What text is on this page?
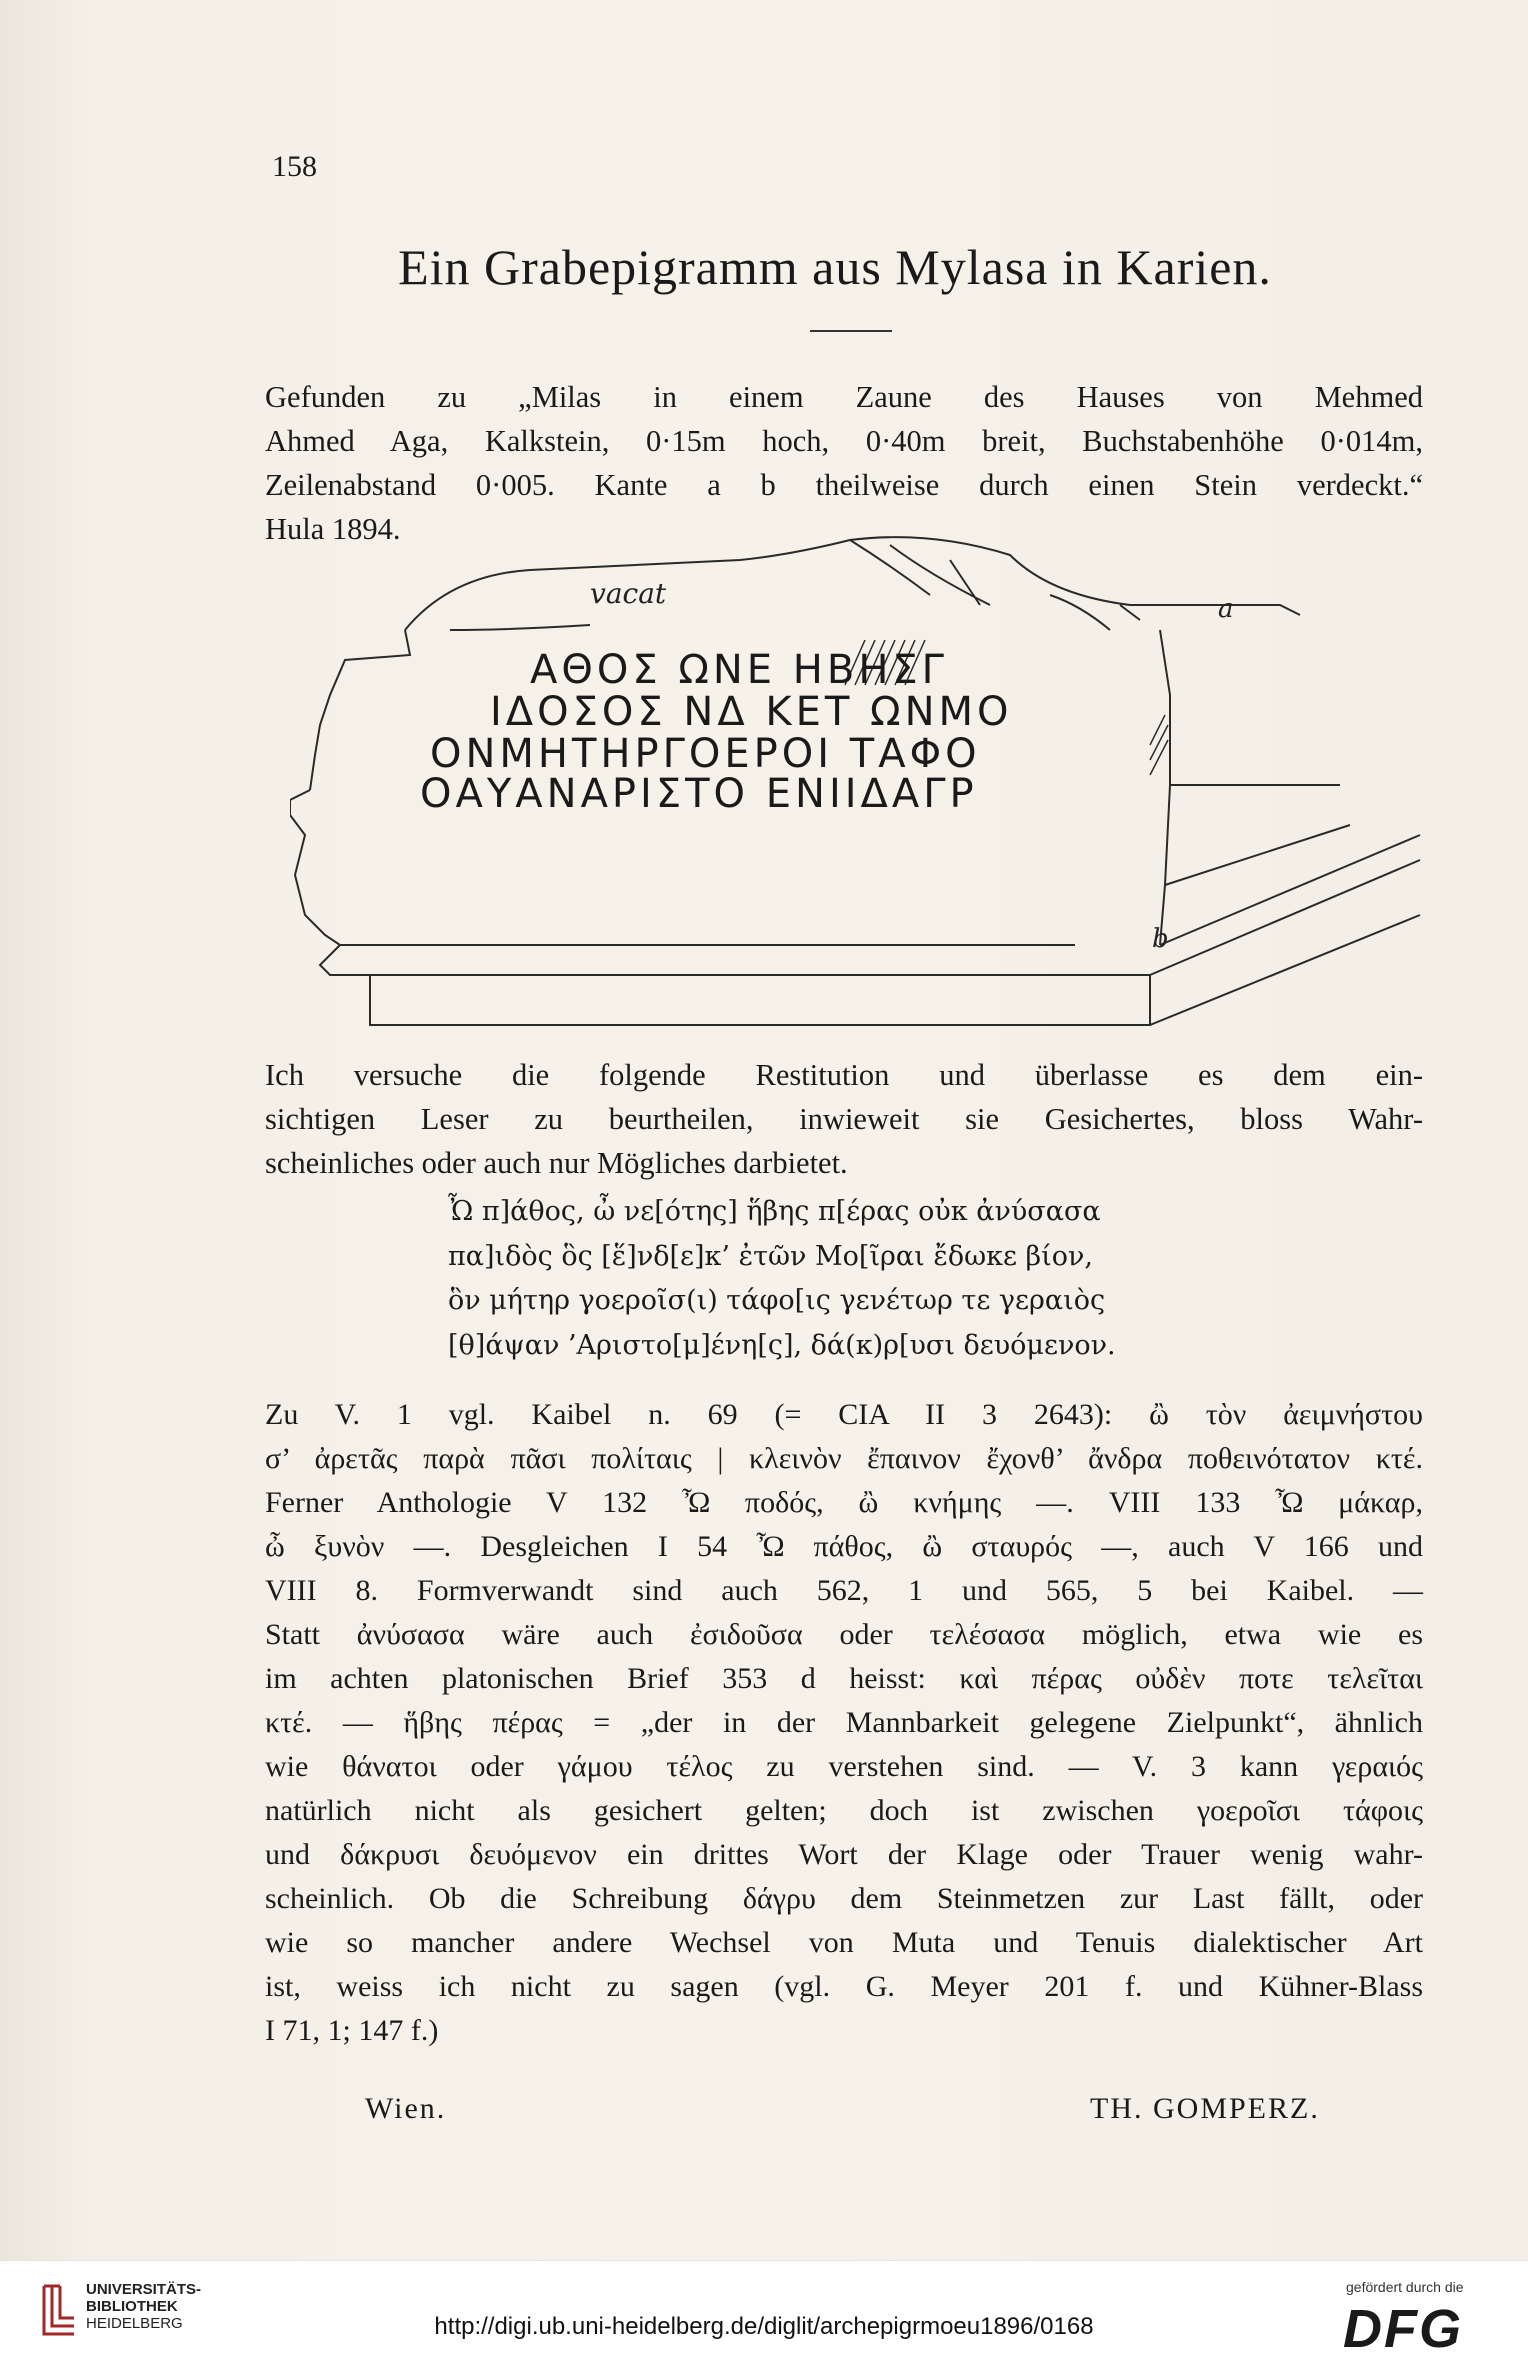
158
Ein Grabepigramm aus Mylasa in Karien.

Gefunden zu „Milas in einem Zaune des Hauses von Mehmed
Ahmed Aga, Kalkstein, 0·15m hoch, 0·40m breit, Buchstabenhöhe 0·014m,
Zeilenabstand 0·005. Kante a b theilweise durch einen Stein verdeckt.“
Hula 1894.

vacat	a
b
ΑΘΟΣ ΩΝΕ ΗΒΗΣΓ
ΙΔΟΣΟΣ ΝΔ ΚΕΤ ΩΝΜΟ
ΟΝΜΗΤΗΡΓΟΕΡΟΙ ΤΑΦΟ
ΟΑΥΑΝΑΡΙΣΤΟ ΕΝΙΙΔΑΓΡ

Ich versuche die folgende Restitution und überlasse es dem ein-
sichtigen Leser zu beurtheilen, inwieweit sie Gesichertes, bloss Wahr-
scheinliches oder auch nur Mögliches darbietet.

Ὦ π]άθος, ὦ νε[ότης] ἥβης π[έρας οὐκ ἀνύσασα
πα]ιδὸς ὃς [ἕ]νδ[ε]κ’ ἐτῶν Μο[ῖραι ἔδωκε βίον,
ὃν μήτηρ γοεροῖσ(ι) τάφο[ις γενέτωρ τε γεραιὸς
[θ]άψαν ’Αριστο[μ]ένη[ς], δά(κ)ρ[υσι δευόμενον.

Zu V. 1 vgl. Kaibel n. 69 (= CIA II 3 2643): ὢ τὸν ἀειμνήστου
σ’ ἀρετᾶς παρὰ πᾶσι πολίταις | κλεινὸν ἔπαινον ἔχονθ’ ἄνδρα ποθεινότατον κτέ.
Ferner Anthologie V 132 Ὦ ποδός, ὢ κνήμης —. VIII 133 Ὦ μάκαρ,
ὦ ξυνὸν —. Desgleichen I 54 Ὦ πάθος, ὢ σταυρός —, auch V 166 und
VIII 8. Formverwandt sind auch 562, 1 und 565, 5 bei Kaibel. —
Statt ἀνύσασα wäre auch ἐσιδοῦσα oder τελέσασα möglich, etwa wie es
im achten platonischen Brief 353 d heisst: καὶ πέρας οὐδὲν ποτε τελεῖται
κτέ. — ἥβης πέρας = „der in der Mannbarkeit gelegene Zielpunkt“, ähnlich
wie θάνατοι oder γάμου τέλος zu verstehen sind. — V. 3 kann γεραιός
natürlich nicht als gesichert gelten; doch ist zwischen γοεροῖσι τάφοις
und δάκρυσι δευόμενον ein drittes Wort der Klage oder Trauer wenig wahr-
scheinlich. Ob die Schreibung δάγρυ dem Steinmetzen zur Last fällt, oder
wie so mancher andere Wechsel von Muta und Tenuis dialektischer Art
ist, weiss ich nicht zu sagen (vgl. G. Meyer 201 f. und Kühner-Blass
I 71, 1; 147 f.)

Wien.	TH. GOMPERZ.
UNIVERSITÄTS-
BIBLIOTHEK
HEIDELBERG	http://digi.ub.uni-heidelberg.de/diglit/archepigrmoeu1896/0168
gefördert durch die
DFG
